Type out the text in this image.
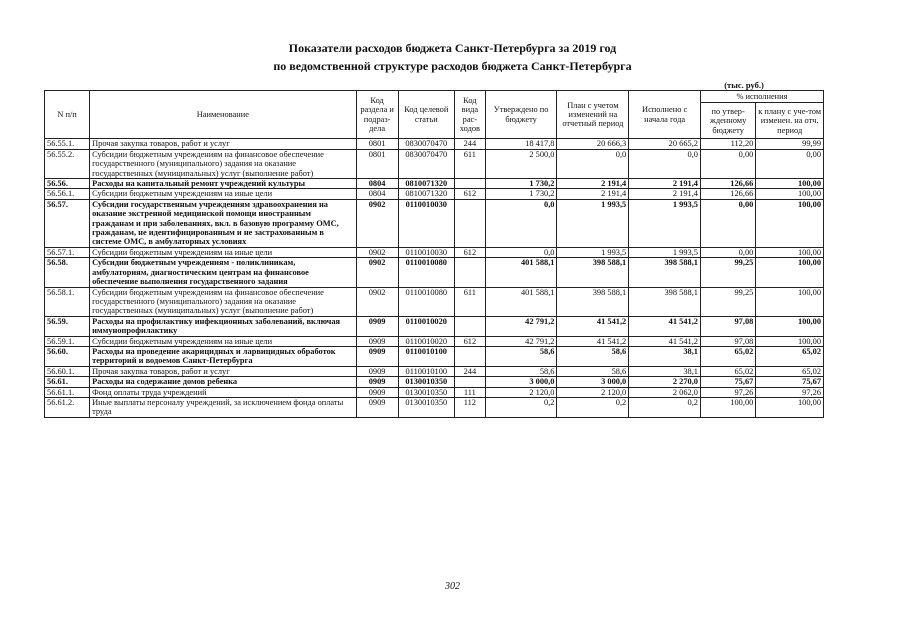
Показатели расходов бюджета Санкт-Петербурга за 2019 год
по ведомственной структуре расходов бюджета Санкт-Петербурга
(тыс. руб.)
N п/п	Наименование	Код раздела и подраз-дела	Код целевой статьи	Код вида рас-ходов	Утверждено по бюджету	План с учетом изменений на отчетный период	Исполнено с начала года	% исполнения	
								по утвер-жденному бюджету	к плану с уче-том изменен. на отч. период
56.55.1.	Прочая закупка товаров, работ и услуг	0801	0830070470	244	18 417,8	20 666,3	20 665,2	112,20	99,99
56.55.2.	Субсидии бюджетным учреждениям на финансовое обеспечение государственного (муниципального) задания на оказание государственных (муниципальных) услуг (выполнение работ)	0801	0830070470	611	2 500,0	0,0	0,0	0,00	0,00
56.56.	Расходы на капитальный ремонт учреждений культуры	0804	0810071320		1 730,2	2 191,4	2 191,4	126,66	100,00
56.56.1.	Субсидии бюджетным учреждениям на иные цели	0804	0810071320	612	1 730,2	2 191,4	2 191,4	126,66	100,00
56.57.	Субсидии государственным учреждениям здравоохранения на оказание экстренной медицинской помощи иностранным гражданам и при заболеваниях, вкл. в базовую программу ОМС, гражданам, не идентифицированным и не застрахованным в системе ОМС, в амбулаторных условиях	0902	0110010030		0,0	1 993,5	1 993,5	0,00	100,00
56.57.1.	Субсидии бюджетным учреждениям на иные цели	0902	0110010030	612	0,0	1 993,5	1 993,5	0,00	100,00
56.58.	Субсидии бюджетным учреждениям - поликлиникам, амбулаториям, диагностическим центрам на финансовое обеспечение выполнения государственного задания	0902	0110010080		401 588,1	398 588,1	398 588,1	99,25	100,00
56.58.1.	Субсидии бюджетным учреждениям на финансовое обеспечение государственного (муниципального) задания на оказание государственных (муниципальных) услуг (выполнение работ)	0902	0110010080	611	401 588,1	398 588,1	398 588,1	99,25	100,00
56.59.	Расходы на профилактику инфекционных заболеваний, включая иммунопрофилактику	0909	0110010020		42 791,2	41 541,2	41 541,2	97,08	100,00
56.59.1.	Субсидии бюджетным учреждениям на иные цели	0909	0110010020	612	42 791,2	41 541,2	41 541,2	97,08	100,00
56.60.	Расходы на проведение акарицидных и ларвицидных обработок территорий и водоемов Санкт-Петербурга	0909	0110010100		58,6	58,6	38,1	65,02	65,02
56.60.1.	Прочая закупка товаров, работ и услуг	0909	0110010100	244	58,6	58,6	38,1	65,02	65,02
56.61.	Расходы на содержание домов ребенка	0909	0130010350		3 000,0	3 000,0	2 270,0	75,67	75,67
56.61.1.	Фонд оплаты труда учреждений	0909	0130010350	111	2 120,0	2 120,0	2 062,0	97,26	97,26
56.61.2.	Иные выплаты персоналу учреждений, за исключением фонда оплаты труда	0909	0130010350	112	0,2	0,2	0,2	100,00	100,00
302
